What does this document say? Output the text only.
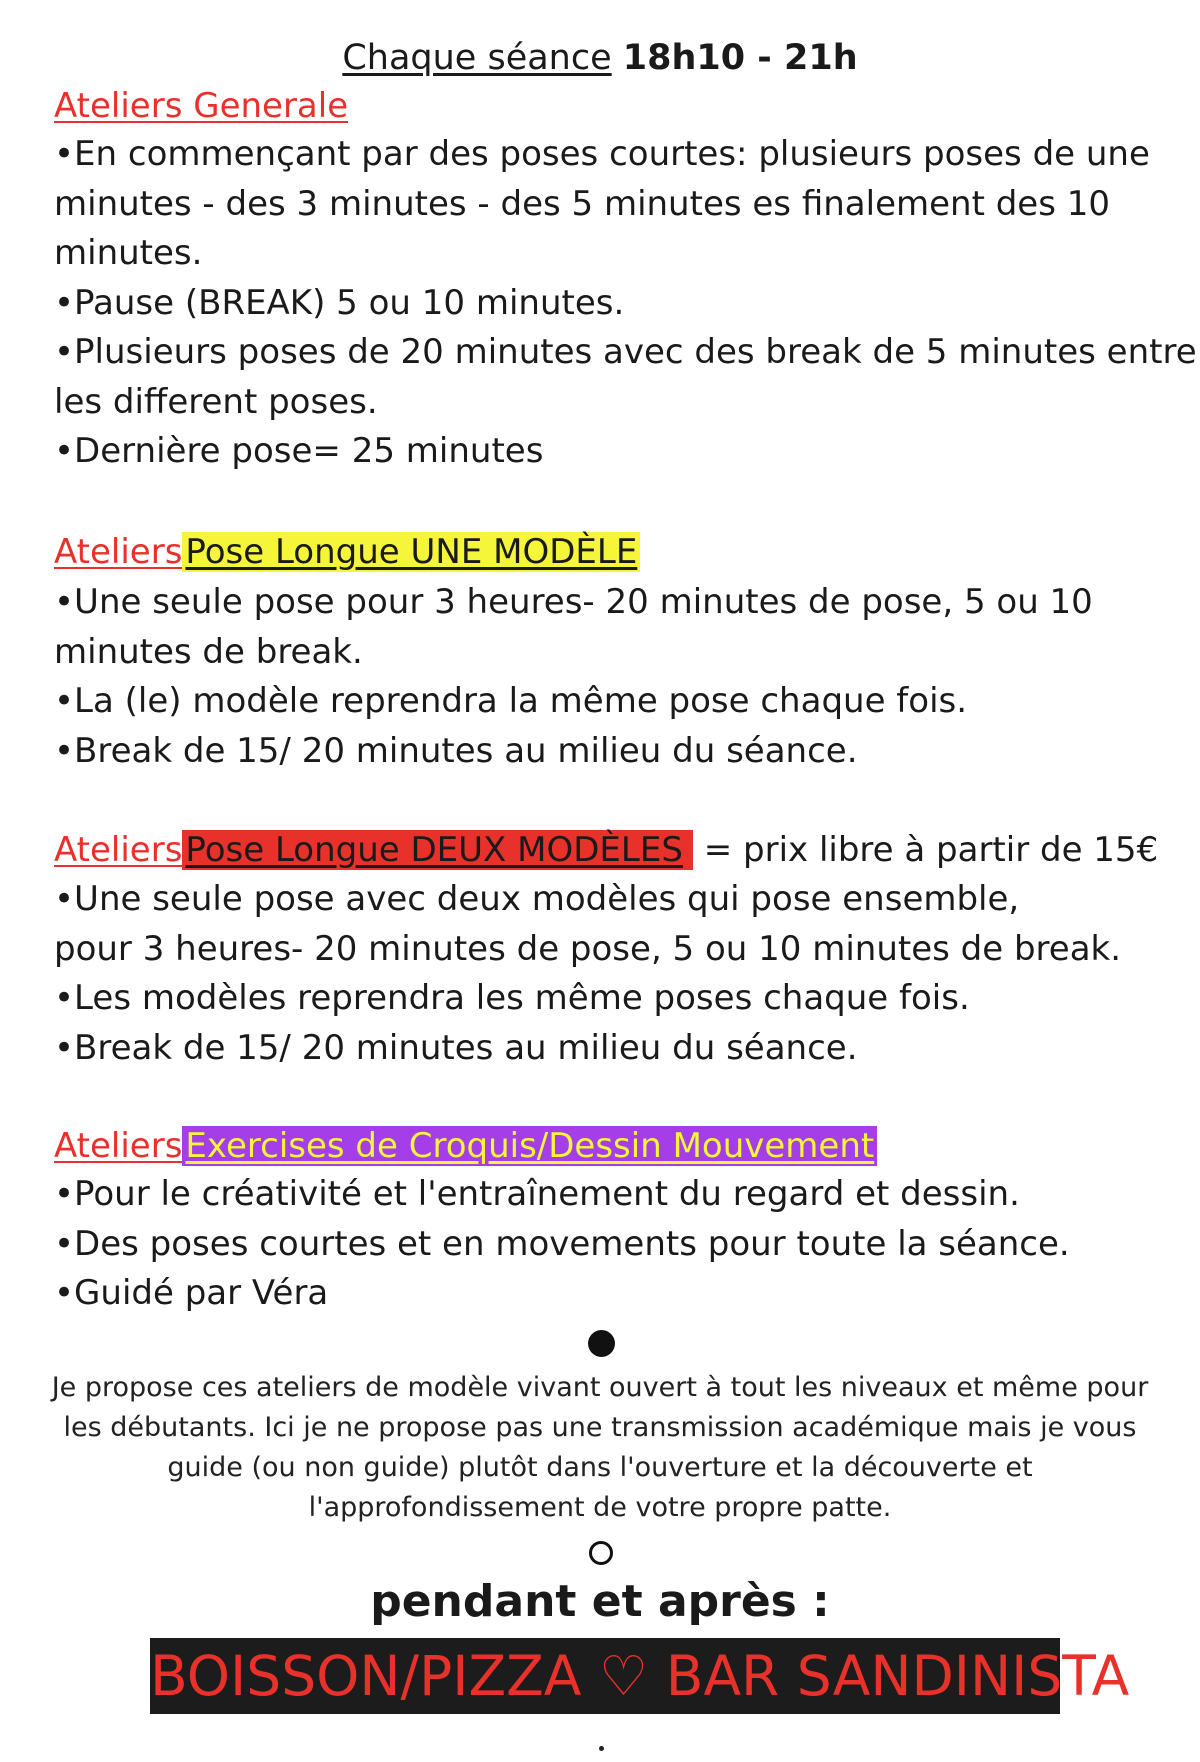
Chaque séance 18h10 - 21h
Ateliers Generale
•En commençant par des poses courtes: plusieurs poses de une
minutes - des 3 minutes - des 5 minutes es finalement des 10
minutes.
•Pause (BREAK) 5 ou 10 minutes.
•Plusieurs poses de 20 minutes avec des break de 5 minutes entre
les different poses.
•Dernière pose= 25 minutes
AteliersPose Longue UNE MODÈLE
•Une seule pose pour 3 heures- 20 minutes de pose, 5 ou 10
minutes de break.
•La (le) modèle reprendra la même pose chaque fois.
•Break de 15/ 20 minutes au milieu du séance.
AteliersPose Longue DEUX MODÈLES = prix libre à partir de 15€
•Une seule pose avec deux modèles qui pose ensemble,
pour 3 heures- 20 minutes de pose, 5 ou 10 minutes de break.
•Les modèles reprendra les même poses chaque fois.
•Break de 15/ 20 minutes au milieu du séance.
AteliersExercises de Croquis/Dessin Mouvement
•Pour le créativité et l'entraînement du regard et dessin.
•Des poses courtes et en movements pour toute la séance.
•Guidé par Véra
Je propose ces ateliers de modèle vivant ouvert à tout les niveaux et même pour
les débutants. Ici je ne propose pas une transmission académique mais je vous
guide (ou non guide) plutôt dans l'ouverture et la découverte et
l'approfondissement de votre propre patte.
pendant et après :
BOISSON/PIZZA ♡ BAR SANDINISTA
